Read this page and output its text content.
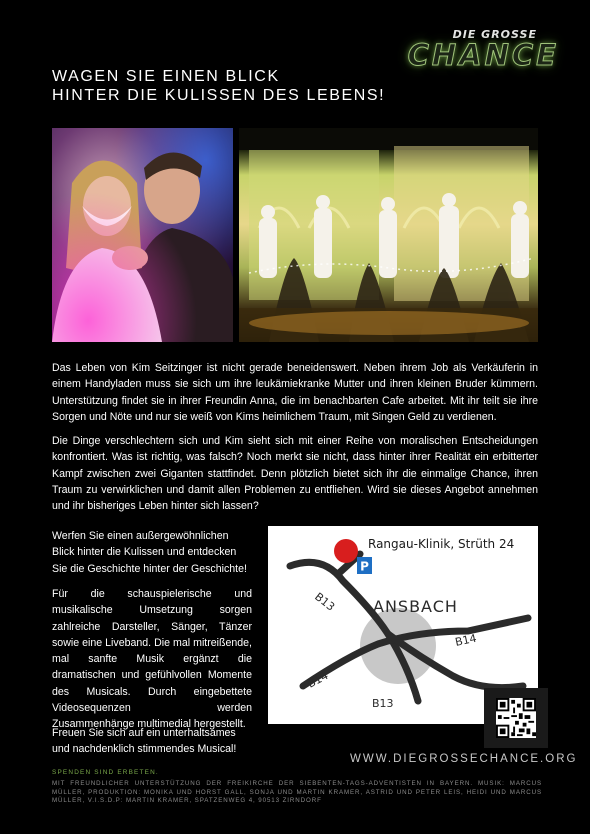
DIE GROSSE
CHANCE
WAGEN SIE EINEN BLICK
HINTER DIE KULISSEN DES LEBENS!
Das Leben von Kim Seitzinger ist nicht gerade beneidenswert. Neben ihrem Job als Verkäuferin in einem Handyladen muss sie sich um ihre leukämiekranke Mutter und ihren kleinen Bruder kümmern. Unterstützung findet sie in ihrer Freundin Anna, die im benachbarten Cafe arbeitet. Mit ihr teilt sie ihre Sorgen und Nöte und nur sie weiß von Kims heimlichem Traum, mit Singen Geld zu verdienen.
Die Dinge verschlechtern sich und Kim sieht sich mit einer Reihe von moralischen Entscheidungen konfrontiert. Was ist richtig, was falsch? Noch merkt sie nicht, dass hinter ihrer Realität ein erbitterter Kampf zwischen zwei Giganten stattfindet. Denn plötzlich bietet sich ihr die einmalige Chance, ihren Traum zu verwirklichen und damit allen Problemen zu entfliehen. Wird sie dieses Angebot annehmen und ihr bisheriges Leben hinter sich lassen?
Werfen Sie einen außergewöhnlichen Blick hinter die Kulissen und entdecken Sie die Geschichte hinter der Geschichte!
Für die schauspielerische und musikalische Umsetzung sorgen zahlreiche Darsteller, Sänger, Tänzer sowie eine Liveband. Die mal mitreißende, mal sanfte Musik ergänzt die dramatischen und gefühlvollen Momente des Musicals. Durch eingebettete Videosequenzen werden Zusammenhänge multimedial hergestellt.
Freuen Sie sich auf ein unterhaltsames und nachdenklich stimmendes Musical!
P
Rangau-Klinik, Strüth 24
ANSBACH
B13
B14
B14
B13
WWW.DIEGROSSECHANCE.ORG
SPENDEN SIND ERBETEN.
MIT FREUNDLICHER UNTERSTÜTZUNG DER FREIKIRCHE DER SIEBENTEN-TAGS-ADVENTISTEN IN BAYERN. MUSIK: MARCUS MÜLLER, PRODUKTION: MONIKA UND HORST GALL, SONJA UND MARTIN KRAMER, ASTRID UND PETER LEIS, HEIDI UND MARCUS MÜLLER, V.I.S.D.P: MARTIN KRAMER, SPATZENWEG 4, 90513 ZIRNDORF
